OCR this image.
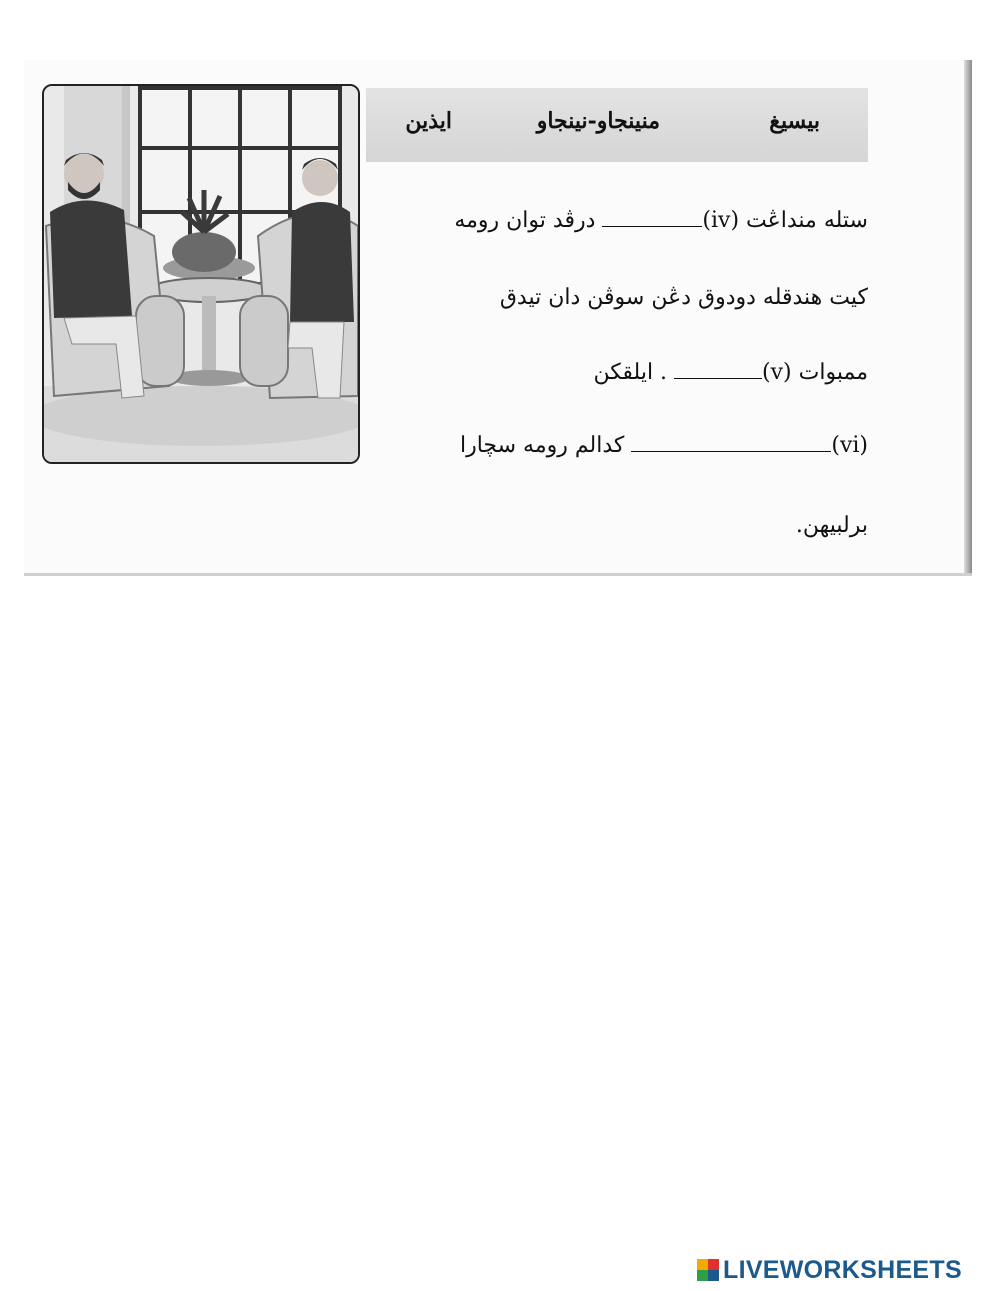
بيسيغ
منينجاو-نينجاو
ايذين
ستله منداڠت (iv) درڤد توان رومه
كيت هندقله دودوق دڠن سوڤن دان تيدق
ممبوات (v) . ايلقكن
(vi) كدالم رومه سچارا
برلبيهن.
LIVEWORKSHEETS
